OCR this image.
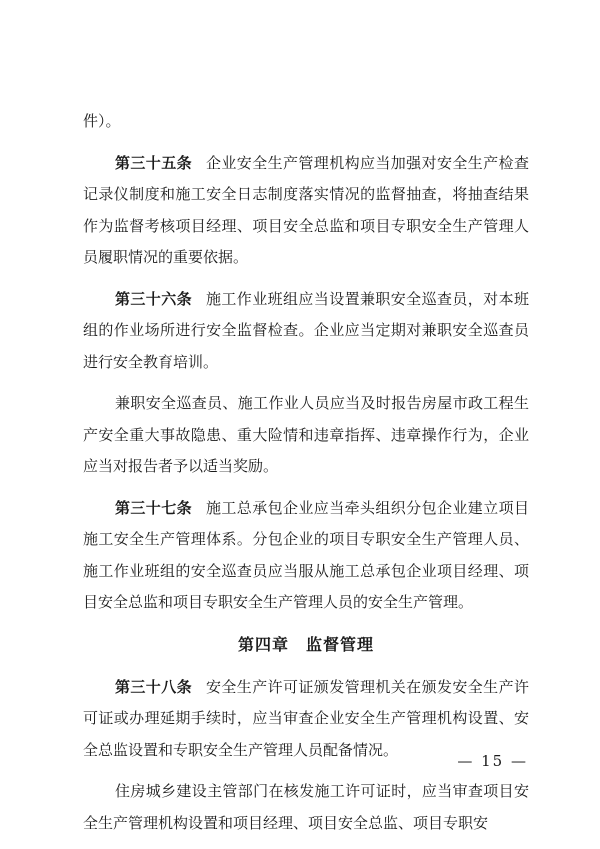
件）。

第三十五条 企业安全生产管理机构应当加强对安全生产检查记录仪制度和施工安全日志制度落实情况的监督抽查，将抽查结果作为监督考核项目经理、项目安全总监和项目专职安全生产管理人员履职情况的重要依据。

第三十六条 施工作业班组应当设置兼职安全巡查员，对本班组的作业场所进行安全监督检查。企业应当定期对兼职安全巡查员进行安全教育培训。

兼职安全巡查员、施工作业人员应当及时报告房屋市政工程生产安全重大事故隐患、重大险情和违章指挥、违章操作行为，企业应当对报告者予以适当奖励。

第三十七条 施工总承包企业应当牵头组织分包企业建立项目施工安全生产管理体系。分包企业的项目专职安全生产管理人员、施工作业班组的安全巡查员应当服从施工总承包企业项目经理、项目安全总监和项目专职安全生产管理人员的安全生产管理。

第四章　监督管理

第三十八条 安全生产许可证颁发管理机关在颁发安全生产许可证或办理延期手续时，应当审查企业安全生产管理机构设置、安全总监设置和专职安全生产管理人员配备情况。

住房城乡建设主管部门在核发施工许可证时，应当审查项目安全生产管理机构设置和项目经理、项目安全总监、项目专职安

— 15 —
